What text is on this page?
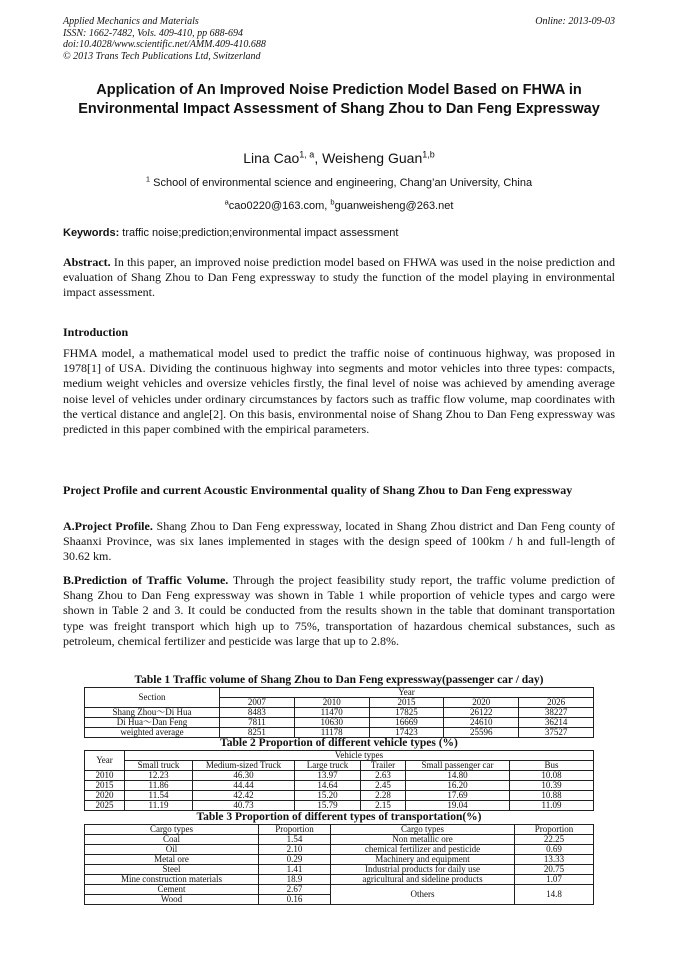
Applied Mechanics and Materials
ISSN: 1662-7482, Vols. 409-410, pp 688-694
doi:10.4028/www.scientific.net/AMM.409-410.688
© 2013 Trans Tech Publications Ltd, Switzerland
Online: 2013-09-03
Application of An Improved Noise Prediction Model Based on FHWA in Environmental Impact Assessment of Shang Zhou to Dan Feng Expressway
Lina Cao$^{1, a}$, Weisheng Guan$^{1,b}$
$^1$ School of environmental science and engineering, Chang’an University, China
$^a$cao0220@163.com, $^b$guanweisheng@263.net
Keywords: traffic noise;prediction;environmental impact assessment
Abstract. In this paper, an improved noise prediction model based on FHWA was used in the noise prediction and evaluation of Shang Zhou to Dan Feng expressway to study the function of the model playing in environmental impact assessment.
Introduction
FHMA model, a mathematical model used to predict the traffic noise of continuous highway, was proposed in 1978[1] of USA. Dividing the continuous highway into segments and motor vehicles into three types: compacts, medium weight vehicles and oversize vehicles firstly, the final level of noise was achieved by amending average noise level of vehicles under ordinary circumstances by factors such as traffic flow volume, map coordinates with the vertical distance and angle[2]. On this basis, environmental noise of Shang Zhou to Dan Feng expressway was predicted in this paper combined with the empirical parameters.
Project Profile and current Acoustic Environmental quality of Shang Zhou to Dan Feng expressway
A.Project Profile. Shang Zhou to Dan Feng expressway, located in Shang Zhou district and Dan Feng county of Shaanxi Province, was six lanes implemented in stages with the design speed of 100km / h and full-length of 30.62 km.
B.Prediction of Traffic Volume. Through the project feasibility study report, the traffic volume prediction of Shang Zhou to Dan Feng expressway was shown in Table 1 while proportion of vehicle types and cargo were shown in Table 2 and 3. It could be conducted from the results shown in the table that dominant transportation type was freight transport which high up to 75%, transportation of hazardous chemical substances, such as petroleum, chemical fertilizer and pesticide was large that up to 2.8%.
Table 1 Traffic volume of Shang Zhou to Dan Feng expressway(passenger car / day)
Section	Year				
	2007	2010	2015	2020	2026
Shang Zhou～Di Hua	8483	11470	17825	26122	38227
Di Hua～Dan Feng	7811	10630	16669	24610	36214
weighted average	8251	11178	17423	25596	37527
Table 2 Proportion of different vehicle types (%)
Year	Vehicle types					
	Small truck	Medium-sized Truck	Large truck	Trailer	Small passenger car	Bus
2010	12.23	46.30	13.97	2.63	14.80	10.08
2015	11.86	44.44	14.64	2.45	16.20	10.39
2020	11.54	42.42	15.20	2.28	17.69	10.88
2025	11.19	40.73	15.79	2.15	19.04	11.09
Table 3 Proportion of different types of transportation(%)
Cargo types	Proportion	Cargo types	Proportion
Coal	1.54	Non metallic ore	22.25
Oil	2.10	chemical fertilizer and pesticide	0.69
Metal ore	0.29	Machinery and equipment	13.33
Steel	1.41	Industrial products for daily use	20.75
Mine construction materials	18.9	agricultural and sideline products	1.07
Cement	2.67	Others	14.8
Wood	0.16		
